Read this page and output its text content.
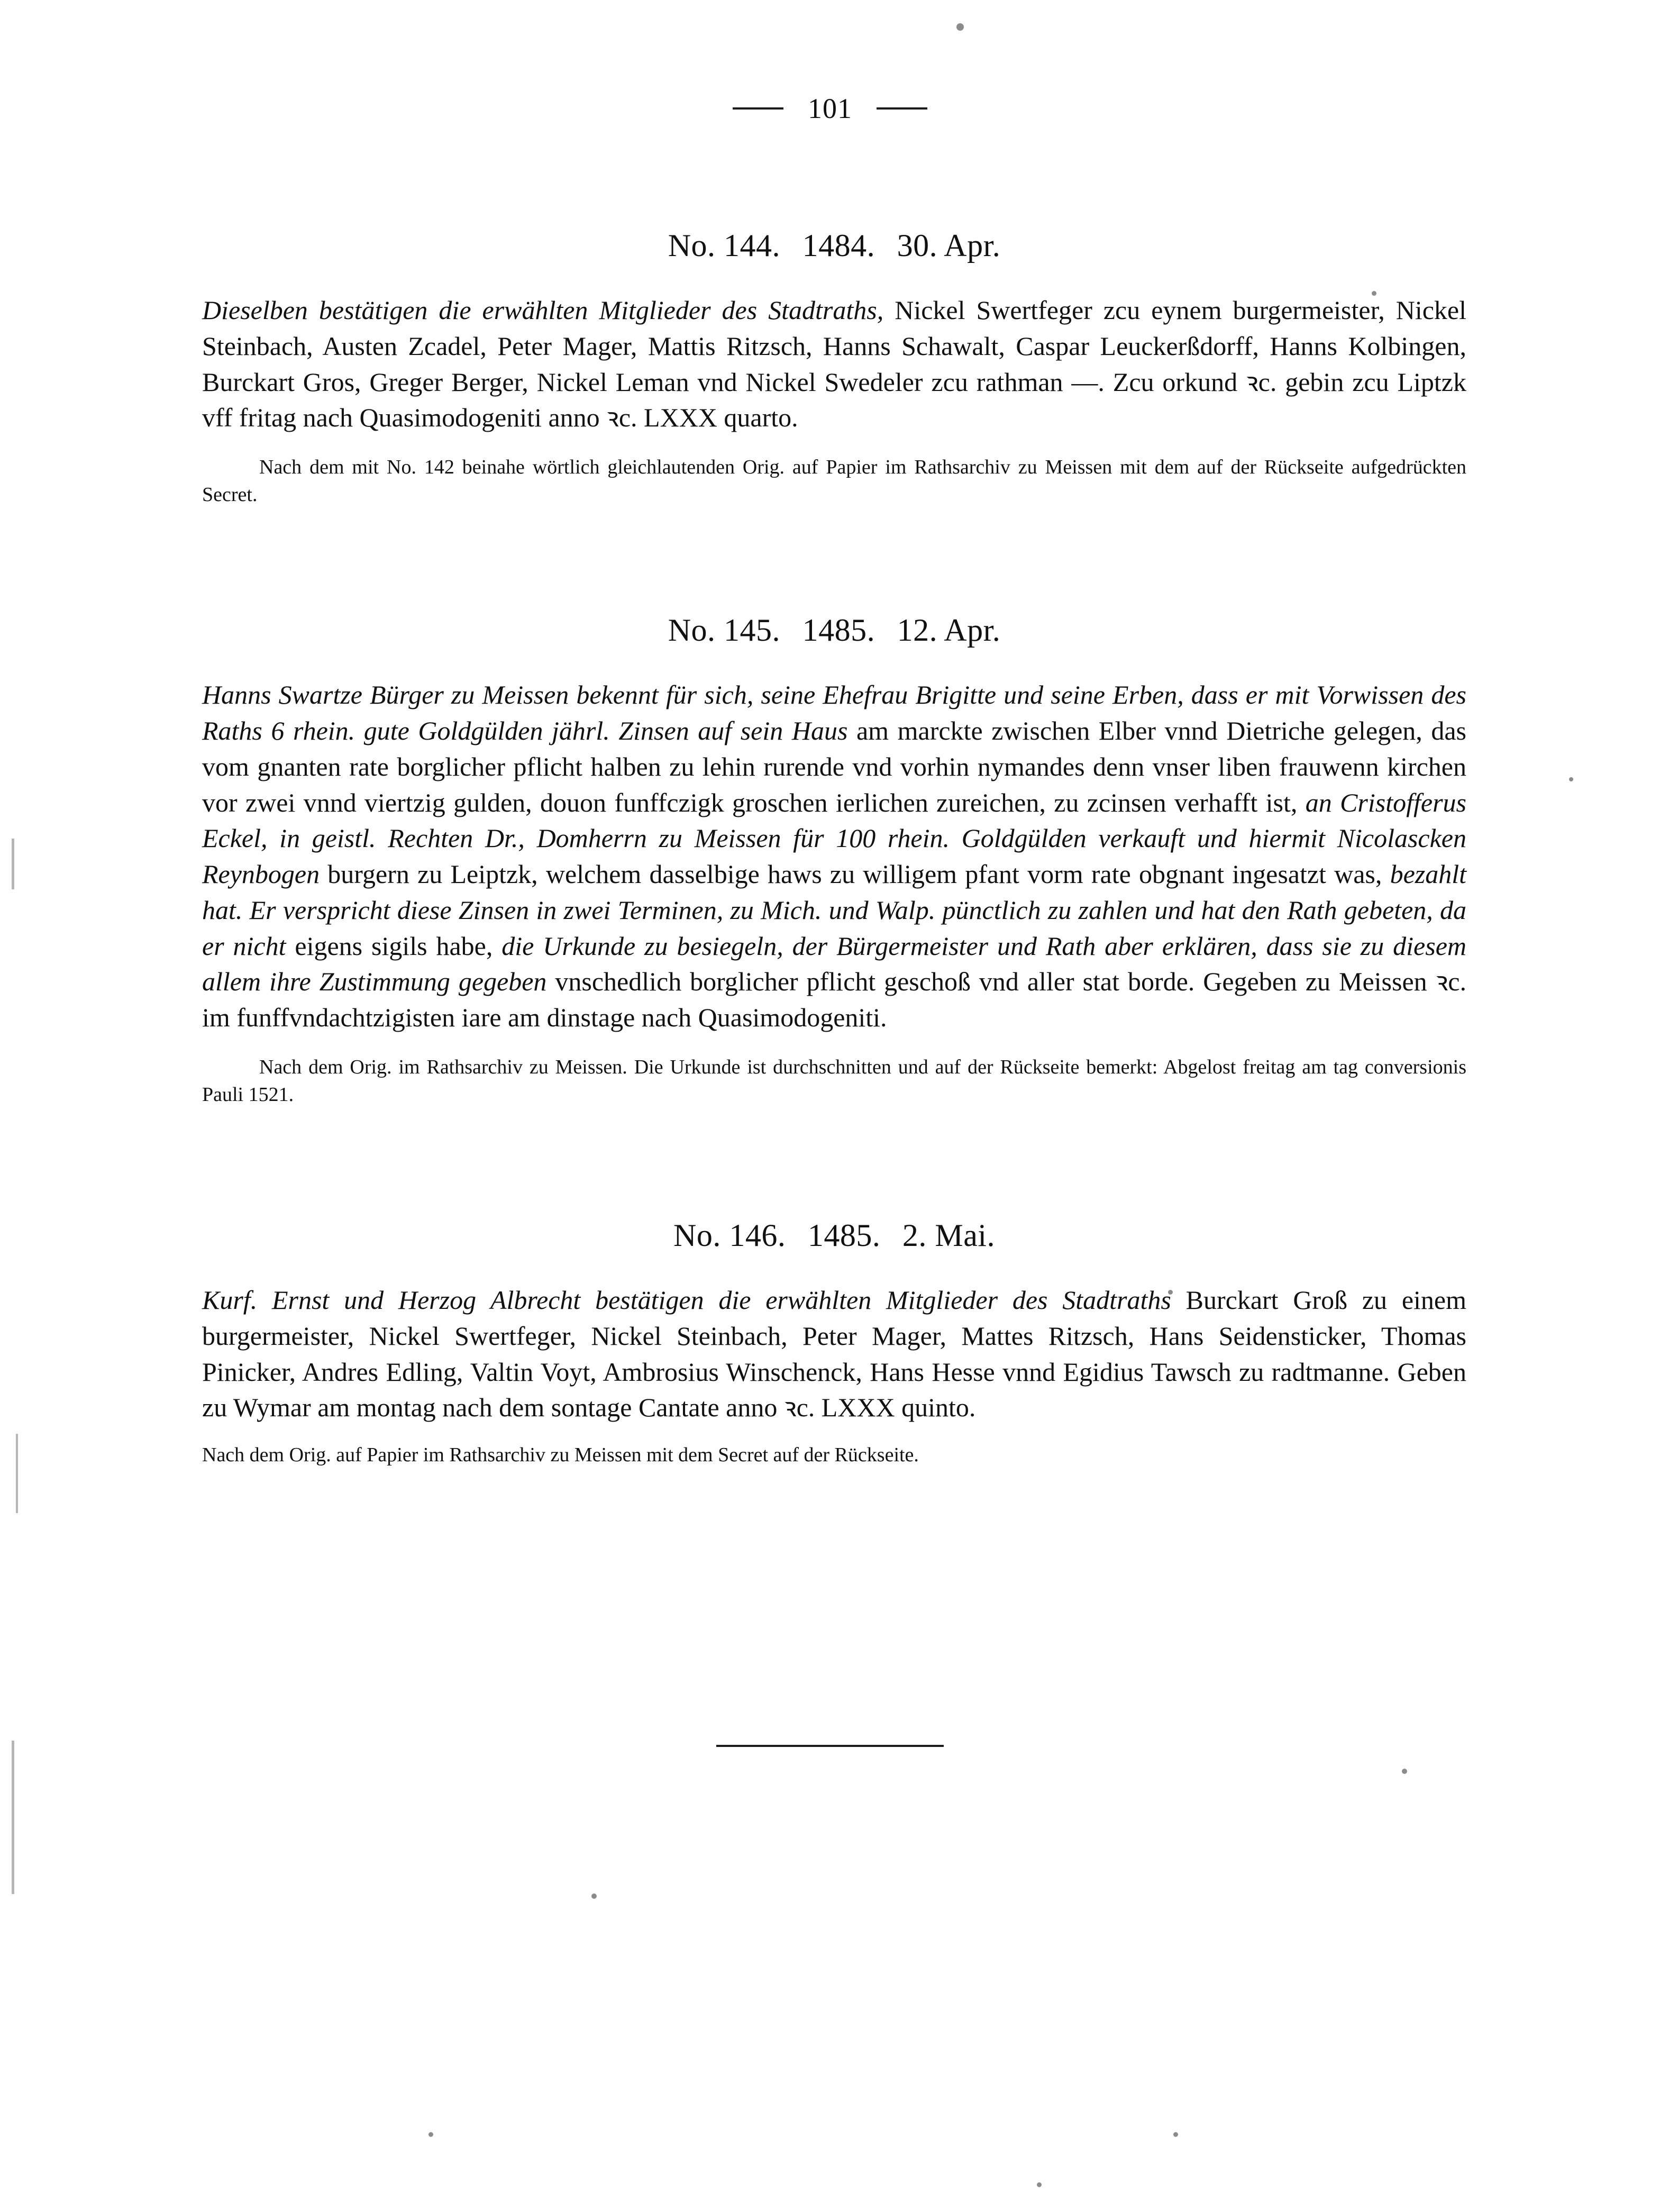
101
No. 144. 1484. 30. Apr.

Dieselben bestätigen die erwählten Mitglieder des Stadtraths, Nickel Swertfeger zcu eynem burgermeister, Nickel Steinbach, Austen Zcadel, Peter Mager, Mattis Ritzsch, Hanns Schawalt, Caspar Leuckerßdorff, Hanns Kolbingen, Burckart Gros, Greger Berger, Nickel Leman vnd Nickel Swedeler zcu rathman —. Zcu orkund ꝛc. gebin zcu Liptzk vff fritag nach Quasimodogeniti anno ꝛc. LXXX quarto.

Nach dem mit No. 142 beinahe wörtlich gleichlautenden Orig. auf Papier im Rathsarchiv zu Meissen mit dem auf der Rückseite aufgedrückten Secret.

No. 145. 1485. 12. Apr.

Hanns Swartze Bürger zu Meissen bekennt für sich, seine Ehefrau Brigitte und seine Erben, dass er mit Vorwissen des Raths 6 rhein. gute Goldgülden jährl. Zinsen auf sein Haus am marckte zwischen Elber vnnd Dietriche gelegen, das vom gnanten rate borglicher pflicht halben zu lehin rurende vnd vorhin nymandes denn vnser liben frauwenn kirchen vor zwei vnnd viertzig gulden, douon funffczigk groschen ierlichen zureichen, zu zcinsen verhafft ist, an Cristofferus Eckel, in geistl. Rechten Dr., Domherrn zu Meissen für 100 rhein. Goldgülden verkauft und hiermit Nicolascken Reynbogen burgern zu Leiptzk, welchem dasselbige haws zu willigem pfant vorm rate obgnant ingesatzt was, bezahlt hat. Er verspricht diese Zinsen in zwei Terminen, zu Mich. und Walp. pünctlich zu zahlen und hat den Rath gebeten, da er nicht eigens sigils habe, die Urkunde zu besiegeln, der Bürgermeister und Rath aber erklären, dass sie zu diesem allem ihre Zustimmung gegeben vnschedlich borglicher pflicht geschoß vnd aller stat borde. Gegeben zu Meissen ꝛc. im funffvndachtzigisten iare am dinstage nach Quasimodogeniti.

Nach dem Orig. im Rathsarchiv zu Meissen. Die Urkunde ist durchschnitten und auf der Rückseite bemerkt: Abgelost freitag am tag conversionis Pauli 1521.

No. 146. 1485. 2. Mai.

Kurf. Ernst und Herzog Albrecht bestätigen die erwählten Mitglieder des Stadtraths Burckart Groß zu einem burgermeister, Nickel Swertfeger, Nickel Steinbach, Peter Mager, Mattes Ritzsch, Hans Seidensticker, Thomas Pinicker, Andres Edling, Valtin Voyt, Ambrosius Winschenck, Hans Hesse vnnd Egidius Tawsch zu radtmanne. Geben zu Wymar am montag nach dem sontage Cantate anno ꝛc. LXXX quinto.

Nach dem Orig. auf Papier im Rathsarchiv zu Meissen mit dem Secret auf der Rückseite.
